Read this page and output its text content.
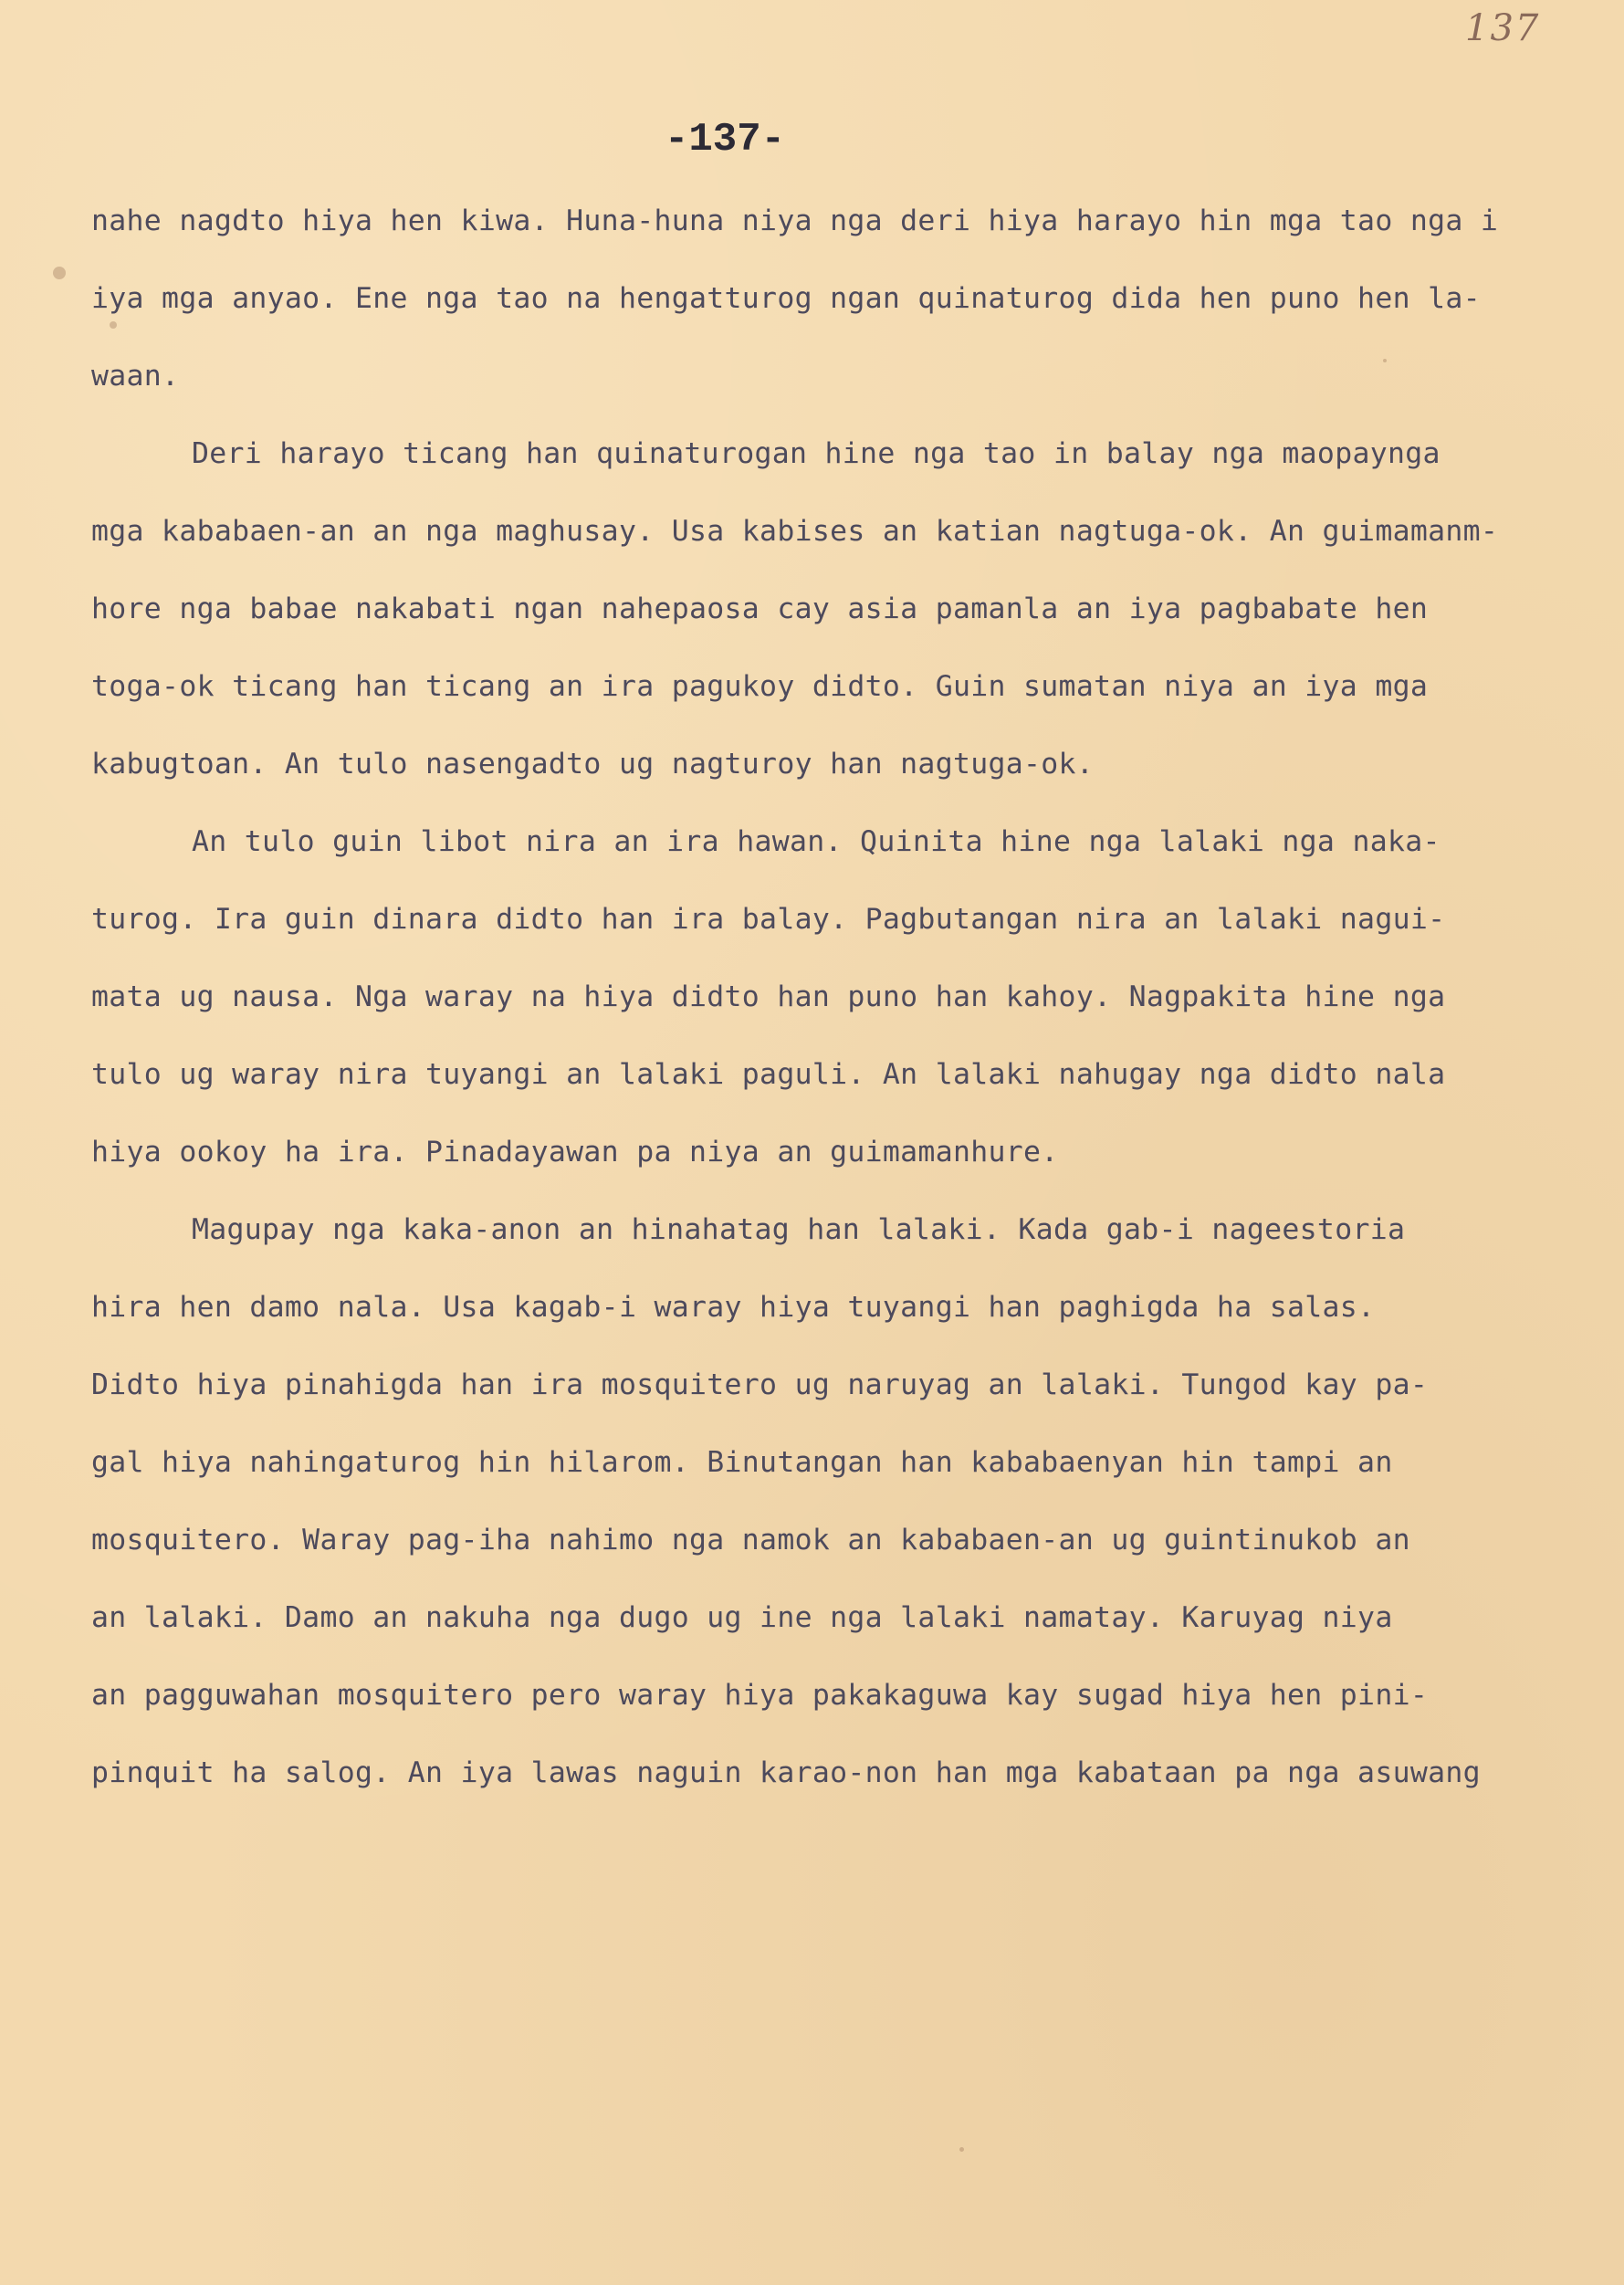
137
-137-
nahe nagdto hiya hen kiwa. Huna-huna niya nga deri hiya harayo hin mga tao nga i
iya mga anyao. Ene nga tao na hengatturog ngan quinaturog dida hen puno hen la-
waan.
Deri harayo ticang han quinaturogan hine nga tao in balay nga maopaynga
mga kababaen-an an nga maghusay. Usa kabises an katian nagtuga-ok. An guimamanm-
hore nga babae nakabati ngan nahepaosa cay asia pamanla an iya pagbabate hen
toga-ok ticang han ticang an ira pagukoy didto. Guin sumatan niya an iya mga
kabugtoan. An tulo nasengadto ug nagturoy han nagtuga-ok.
An tulo guin libot nira an ira hawan. Quinita hine nga lalaki nga naka-
turog. Ira guin dinara didto han ira balay. Pagbutangan nira an lalaki nagui-
mata ug nausa. Nga waray na hiya didto han puno han kahoy. Nagpakita hine nga
tulo ug waray nira tuyangi an lalaki paguli. An lalaki nahugay nga didto nala
hiya ookoy ha ira. Pinadayawan pa niya an guimamanhure.
Magupay nga kaka-anon an hinahatag han lalaki. Kada gab-i nageestoria
hira hen damo nala. Usa kagab-i waray hiya tuyangi han paghigda ha salas.
Didto hiya pinahigda han ira mosquitero ug naruyag an lalaki. Tungod kay pa-
gal hiya nahingaturog hin hilarom. Binutangan han kababaenyan hin tampi an
mosquitero. Waray pag-iha nahimo nga namok an kababaen-an ug guintinukob an
an lalaki. Damo an nakuha nga dugo ug ine nga lalaki namatay. Karuyag niya
an pagguwahan mosquitero pero waray hiya pakakaguwa kay sugad hiya hen pini-
pinquit ha salog. An iya lawas naguin karao-non han mga kabataan pa nga asuwang
